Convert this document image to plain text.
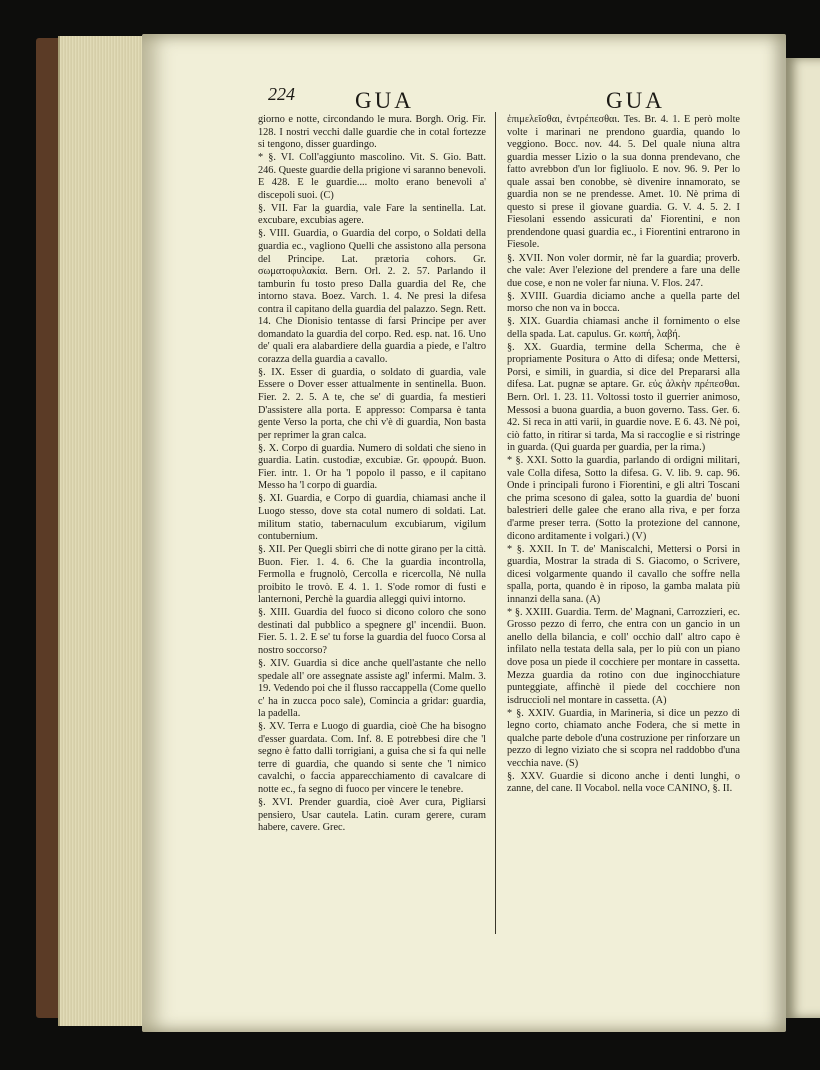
224	GUA	GUA

giorno e notte, circondando le mura. Borgh. Orig. Fir. 128. I nostri vecchi dalle guardie che in cotal fortezze si tengono, disser guardingo.

* §. VI. Coll'aggiunto mascolino. Vit. S. Gio. Batt. 246. Queste guardie della prigione vi saranno benevoli. E 428. E le guardie.... molto erano benevoli a' discepoli suoi. (C)

§. VII. Far la guardia, vale Fare la sentinella. Lat. excubare, excubias agere.

§. VIII. Guardia, o Guardia del corpo, o Soldati della guardia ec., vagliono Quelli che assistono alla persona del Principe. Lat. prætoria cohors. Gr. σωματοφυλακία. Bern. Orl. 2. 2. 57. Parlando il tamburin fu tosto preso Dalla guardia del Re, che intorno stava. Boez. Varch. 1. 4. Ne presi la difesa contra il capitano della guardia del palazzo. Segn. Rett. 14. Che Dionisio tentasse di farsi Principe per aver domandato la guardia del corpo. Red. esp. nat. 16. Uno de' quali era alabardiere della guardia a piede, e l'altro corazza della guardia a cavallo.

§. IX. Esser di guardia, o soldato di guardia, vale Essere o Dover esser attualmente in sentinella. Buon. Fier. 2. 2. 5. A te, che se' di guardia, fa mestieri D'assistere alla porta. E appresso: Comparsa è tanta gente Verso la porta, che chi v'è di guardia, Non basta per reprimer la gran calca.

§. X. Corpo di guardia. Numero di soldati che sieno in guardia. Latin. custodiæ, excubiæ. Gr. φρουρά. Buon. Fier. intr. 1. Or ha 'l popolo il passo, e il capitano Messo ha 'l corpo di guardia.

§. XI. Guardia, e Corpo di guardia, chiamasi anche il Luogo stesso, dove sta cotal numero di soldati. Lat. militum statio, tabernaculum excubiarum, vigilum contubernium.

§. XII. Per Quegli sbirri che di notte girano per la città. Buon. Fier. 1. 4. 6. Che la guardia incontrolla, Fermolla e frugnolò, Cercolla e ricercolla, Nè nulla proibito le trovò. E 4. 1. 1. S'ode romor di fusti e lanternoni, Perchè la guardia alleggi quivi intorno.

§. XIII. Guardia del fuoco si dicono coloro che sono destinati dal pubblico a spegnere gl' incendii. Buon. Fier. 5. 1. 2. E se' tu forse la guardia del fuoco Corsa al nostro soccorso?

§. XIV. Guardia si dice anche quell'astante che nello spedale all' ore assegnate assiste agl' infermi. Malm. 3. 19. Vedendo poi che il flusso raccappella (Come quello c' ha in zucca poco sale), Comincia a gridar: guardia, la padella.

§. XV. Terra e Luogo di guardia, cioè Che ha bisogno d'esser guardata. Com. Inf. 8. E potrebbesi dire che 'l segno è fatto dalli torrigiani, a guisa che si fa qui nelle terre di guardia, che quando si sente che 'l nimico cavalchi, o faccia apparecchiamento di cavalcare di notte ec., fa segno di fuoco per vincere le tenebre.

§. XVI. Prender guardia, cioè Aver cura, Pigliarsi pensiero, Usar cautela. Latin. curam gerere, curam habere, cavere. Grec.

ἐπιμελεῖσθαι, ἐντρέπεσθαι. Tes. Br. 4. 1. E però molte volte i marinari ne prendono guardia, quando lo veggiono. Bocc. nov. 44. 5. Del quale niuna altra guardia messer Lizio o la sua donna prendevano, che fatto avrebbon d'un lor figliuolo. E nov. 96. 9. Per lo quale assai ben conobbe, sè divenire innamorato, se guardia non se ne prendesse. Amet. 10. Nè prima di questo si prese il giovane guardia. G. V. 4. 5. 2. I Fiesolani essendo assicurati da' Fiorentini, e non prendendone quasi guardia ec., i Fiorentini entrarono in Fiesole.

§. XVII. Non voler dormir, nè far la guardia; proverb. che vale: Aver l'elezione del prendere a fare una delle due cose, e non ne voler far niuna. V. Flos. 247.

§. XVIII. Guardia diciamo anche a quella parte del morso che non va in bocca.

§. XIX. Guardia chiamasi anche il fornimento o else della spada. Lat. capulus. Gr. κωπή, λαβή.

§. XX. Guardia, termine della Scherma, che è propriamente Positura o Atto di difesa; onde Mettersi, Porsi, e simili, in guardia, si dice del Prepararsi alla difesa. Lat. pugnæ se aptare. Gr. εὐς ἀλκὴν πρέπεσθαι. Bern. Orl. 1. 23. 11. Voltossi tosto il guerrier animoso, Messosi a buona guardia, a buon governo. Tass. Ger. 6. 42. Si reca in atti varii, in guardie nove. E 6. 43. Nè poi, ciò fatto, in ritirar si tarda, Ma si raccoglie e si ristringe in guarda. (Qui guarda per guardia, per la rima.)

* §. XXI. Sotto la guardia, parlando di ordigni militari, vale Colla difesa, Sotto la difesa. G. V. lib. 9. cap. 96. Onde i principali furono i Fiorentini, e gli altri Toscani che prima scesono di galea, sotto la guardia de' buoni balestrieri delle galee che erano alla riva, e per forza d'arme preser terra. (Sotto la protezione del cannone, dicono arditamente i volgari.) (V)

* §. XXII. In T. de' Maniscalchi, Mettersi o Porsi in guardia, Mostrar la strada di S. Giacomo, o Scrivere, dicesi volgarmente quando il cavallo che soffre nella spalla, porta, quando è in riposo, la gamba malata più innanzi della sana. (A)

* §. XXIII. Guardia. Term. de' Magnani, Carrozzieri, ec. Grosso pezzo di ferro, che entra con un gancio in un anello della bilancia, e coll' occhio dall' altro capo è infilato nella testata della sala, per lo più con un piano dove posa un piede il cocchiere per montare in cassetta. Mezza guardia da rotino con due inginocchiature punteggiate, affinchè il piede del cocchiere non isdruccioli nel montare in cassetta. (A)

* §. XXIV. Guardia, in Marineria, si dice un pezzo di legno corto, chiamato anche Fodera, che si mette in qualche parte debole d'una costruzione per rinforzare un pezzo di legno viziato che si scopra nel raddobbo d'una vecchia nave. (S)

§. XXV. Guardie si dicono anche i denti lunghi, o zanne, del cane. Il Vocabol. nella voce CANINO, §. II.
